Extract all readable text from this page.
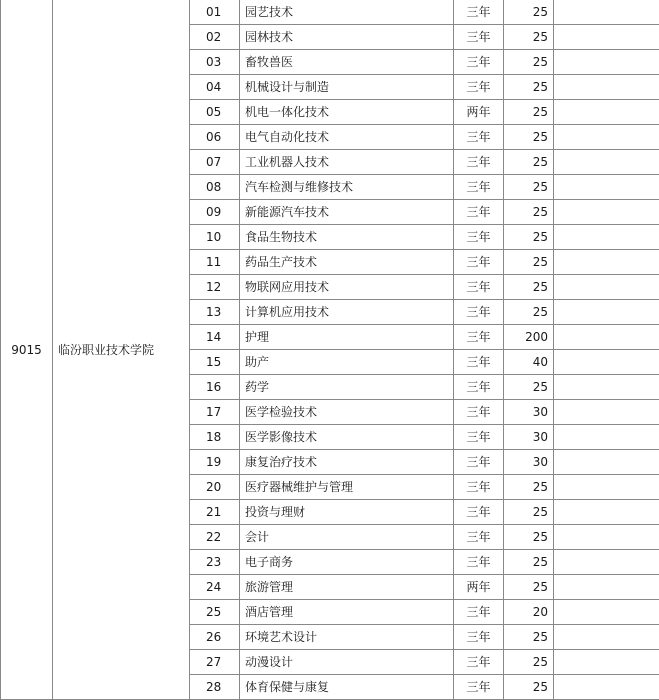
9015	临汾职业技术学院	01	园艺技术	三年	25	
		02	园林技术	三年	25	
		03	畜牧兽医	三年	25	
		04	机械设计与制造	三年	25	
		05	机电一体化技术	两年	25	
		06	电气自动化技术	三年	25	
		07	工业机器人技术	三年	25	
		08	汽车检测与维修技术	三年	25	
		09	新能源汽车技术	三年	25	
		10	食品生物技术	三年	25	
		11	药品生产技术	三年	25	
		12	物联网应用技术	三年	25	
		13	计算机应用技术	三年	25	
		14	护理	三年	200	
		15	助产	三年	40	
		16	药学	三年	25	
		17	医学检验技术	三年	30	
		18	医学影像技术	三年	30	
		19	康复治疗技术	三年	30	
		20	医疗器械维护与管理	三年	25	
		21	投资与理财	三年	25	
		22	会计	三年	25	
		23	电子商务	三年	25	
		24	旅游管理	两年	25	
		25	酒店管理	三年	20	
		26	环境艺术设计	三年	25	
		27	动漫设计	三年	25	
		28	体育保健与康复	三年	25	
